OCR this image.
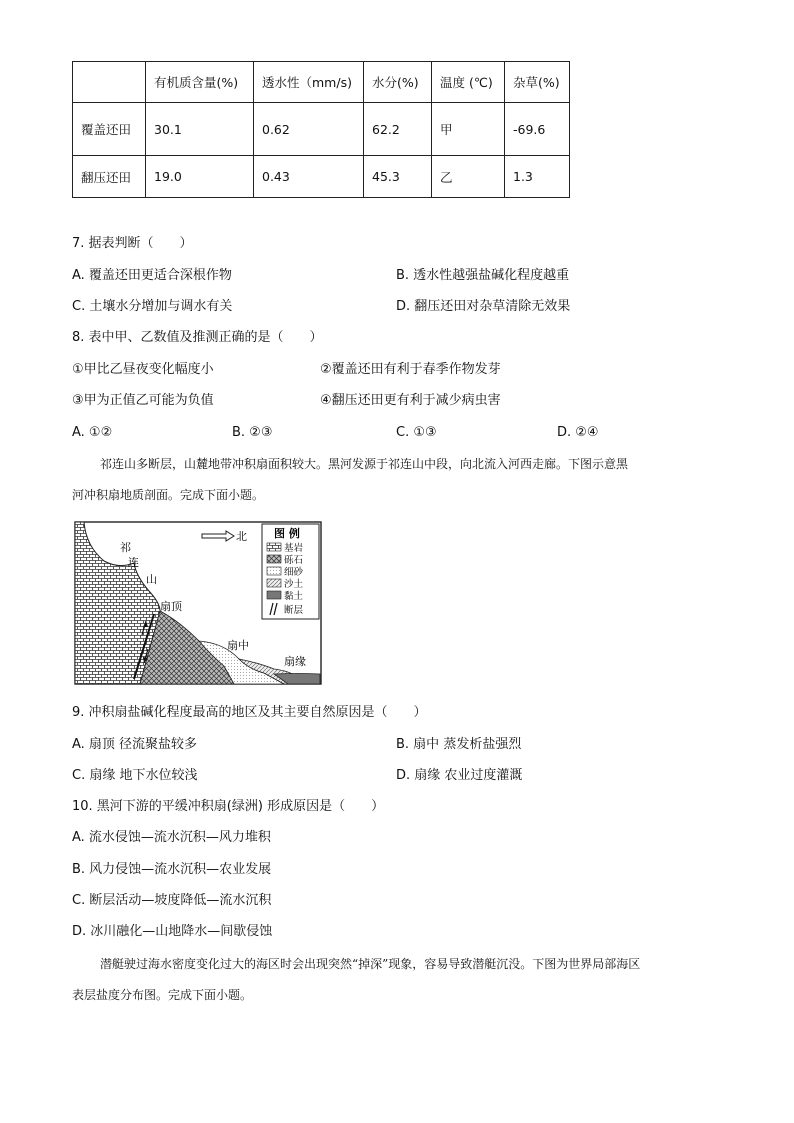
	有机质含量(%)	透水性（mm/s)	水分(%)	温度 (℃)	杂草(%)
覆盖还田	30.1	0.62	62.2	甲	-69.6
翻压还田	19.0	0.43	45.3	乙	1.3
7. 据表判断（　　）
A. 覆盖还田更适合深根作物	B. 透水性越强盐碱化程度越重
C. 土壤水分增加与调水有关	D. 翻压还田对杂草清除无效果
8. 表中甲、乙数值及推测正确的是（　　）
①甲比乙昼夜变化幅度小	②覆盖还田有利于春季作物发芽
③甲为正值乙可能为负值	④翻压还田更有利于减少病虫害
A. ①②	B. ②③	C. ①③	D. ②④
祁连山多断层，山麓地带冲积扇面积较大。黑河发源于祁连山中段，向北流入河西走廊。下图示意黑
河冲积扇地质剖面。完成下面小题。
北
祁
连
山
扇顶
扇中
扇缘
图 例
基岩
砾石
细砂
沙土
黏土
断层
9. 冲积扇盐碱化程度最高的地区及其主要自然原因是（　　）
A. 扇顶 径流聚盐较多	B. 扇中 蒸发析盐强烈
C. 扇缘 地下水位较浅	D. 扇缘 农业过度灌溉
10. 黑河下游的平缓冲积扇(绿洲) 形成原因是（　　）
A. 流水侵蚀—流水沉积—风力堆积
B. 风力侵蚀—流水沉积—农业发展
C. 断层活动—坡度降低—流水沉积
D. 冰川融化—山地降水—间歇侵蚀
潜艇驶过海水密度变化过大的海区时会出现突然“掉深”现象，容易导致潜艇沉没。下图为世界局部海区
表层盐度分布图。完成下面小题。
